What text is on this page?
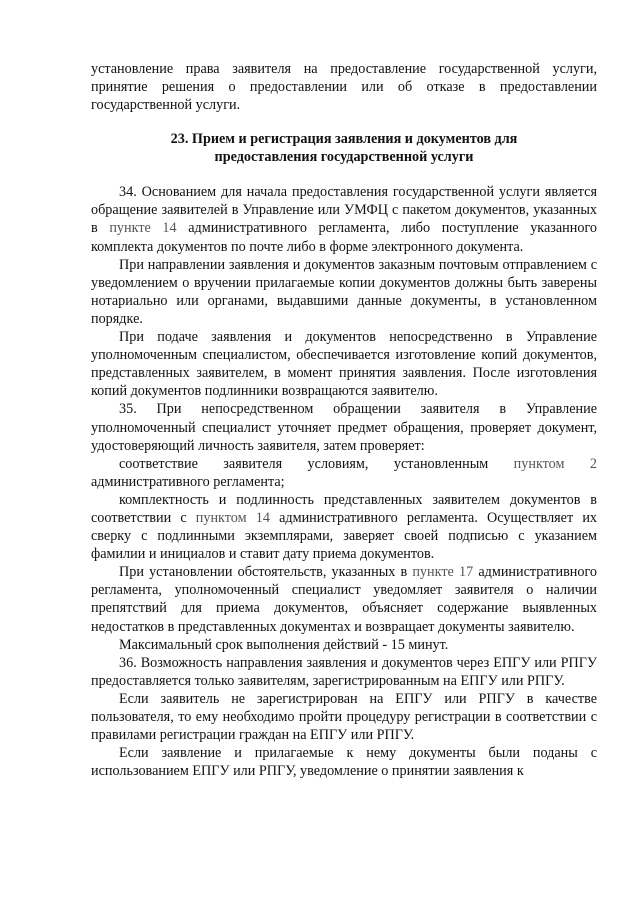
установление права заявителя на предоставление государственной услуги, принятие решения о предоставлении или об отказе в предоставлении государственной услуги.

23. Прием и регистрация заявления и документов для
предоставления государственной услуги

34. Основанием для начала предоставления государственной услуги является обращение заявителей в Управление или УМФЦ с пакетом документов, указанных в пункте 14 административного регламента, либо поступление указанного комплекта документов по почте либо в форме электронного документа.

При направлении заявления и документов заказным почтовым отправлением с уведомлением о вручении прилагаемые копии документов должны быть заверены нотариально или органами, выдавшими данные документы, в установленном порядке.

При подаче заявления и документов непосредственно в Управление уполномоченным специалистом, обеспечивается изготовление копий документов, представленных заявителем, в момент принятия заявления. После изготовления копий документов подлинники возвращаются заявителю.

35. При непосредственном обращении заявителя в Управление уполномоченный специалист уточняет предмет обращения, проверяет документ, удостоверяющий личность заявителя, затем проверяет:

соответствие заявителя условиям, установленным пунктом 2 административного регламента;

комплектность и подлинность представленных заявителем документов в соответствии с пунктом 14 административного регламента. Осуществляет их сверку с подлинными экземплярами, заверяет своей подписью с указанием фамилии и инициалов и ставит дату приема документов.

При установлении обстоятельств, указанных в пункте 17 административного регламента, уполномоченный специалист уведомляет заявителя о наличии препятствий для приема документов, объясняет содержание выявленных недостатков в представленных документах и возвращает документы заявителю.

Максимальный срок выполнения действий - 15 минут.

36. Возможность направления заявления и документов через ЕПГУ или РПГУ предоставляется только заявителям, зарегистрированным на ЕПГУ или РПГУ.

Если заявитель не зарегистрирован на ЕПГУ или РПГУ в качестве пользователя, то ему необходимо пройти процедуру регистрации в соответствии с правилами регистрации граждан на ЕПГУ или РПГУ.

Если заявление и прилагаемые к нему документы были поданы с использованием ЕПГУ или РПГУ, уведомление о принятии заявления к
